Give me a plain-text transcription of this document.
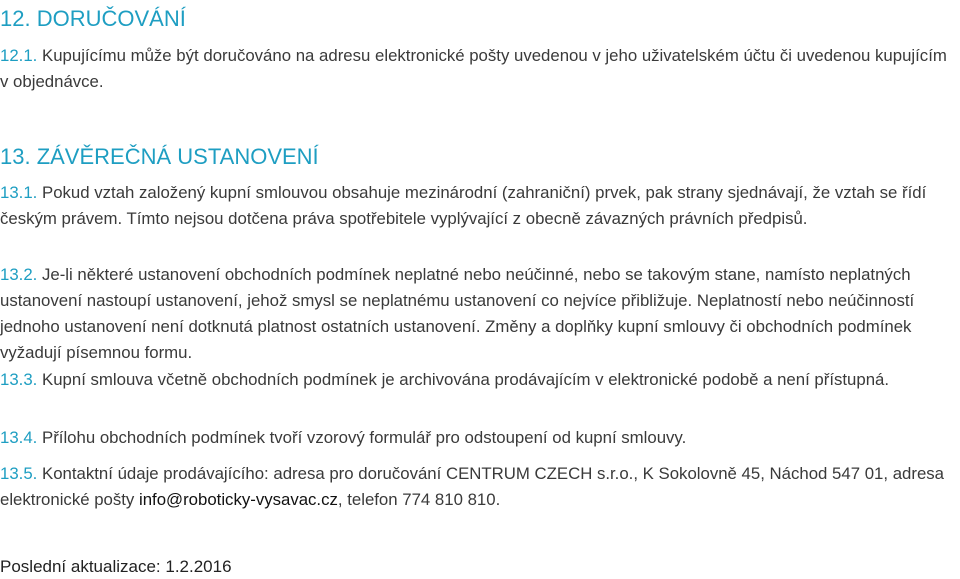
12. DORUČOVÁNÍ

12.1. Kupujícímu může být doručováno na adresu elektronické pošty uvedenou v jeho uživatelském účtu či uvedenou kupujícím v objednávce.

13. ZÁVĚREČNÁ USTANOVENÍ

13.1. Pokud vztah založený kupní smlouvou obsahuje mezinárodní (zahraniční) prvek, pak strany sjednávají, že vztah se řídí českým právem. Tímto nejsou dotčena práva spotřebitele vyplývající z obecně závazných právních předpisů.

13.2. Je-li některé ustanovení obchodních podmínek neplatné nebo neúčinné, nebo se takovým stane, namísto neplatných ustanovení nastoupí ustanovení, jehož smysl se neplatnému ustanovení co nejvíce přibližuje. Neplatností nebo neúčinností jednoho ustanovení není dotknutá platnost ostatních ustanovení. Změny a doplňky kupní smlouvy či obchodních podmínek vyžadují písemnou formu.

13.3. Kupní smlouva včetně obchodních podmínek je archivována prodávajícím v elektronické podobě a není přístupná.

13.4. Přílohu obchodních podmínek tvoří vzorový formulář pro odstoupení od kupní smlouvy.

13.5. Kontaktní údaje prodávajícího: adresa pro doručování CENTRUM CZECH s.r.o., K Sokolovně 45, Náchod 547 01, adresa elektronické pošty info@roboticky-vysavac.cz, telefon 774 810 810.

Poslední aktualizace: 1.2.2016
